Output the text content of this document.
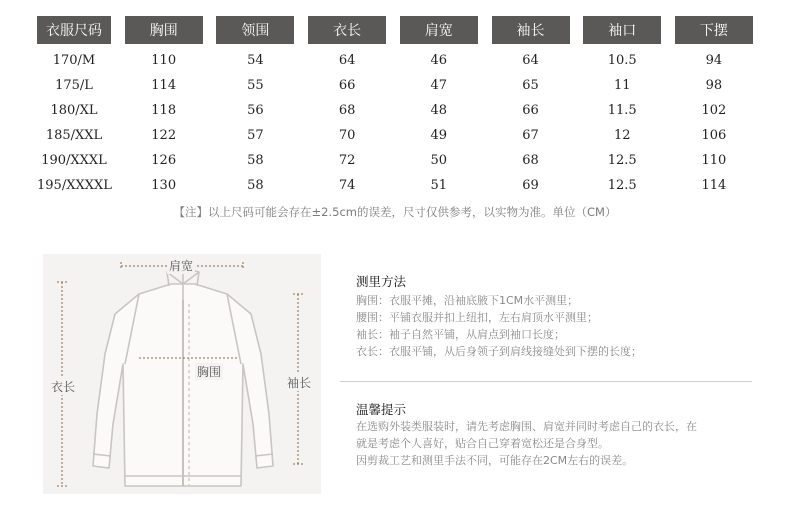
衣服尺码	胸围	领围	衣长	肩宽	袖长	袖口	下摆
170/M	110	54	64	46	64	10.5	94
175/L	114	55	66	47	65	11	98
180/XL	118	56	68	48	66	11.5	102
185/XXL	122	57	70	49	67	12	106
190/XXXL	126	58	72	50	68	12.5	110
195/XXXXL	130	58	74	51	69	12.5	114
【注】以上尺码可能会存在±2.5cm的误差，尺寸仅供参考，以实物为准。单位（CM）
肩宽
胸围
衣长	袖长
测里方法
胸围：衣服平摊，沿袖底腋下1CM水平测里；
腰围：平铺衣服并扣上纽扣，左右肩顶水平测里；
袖长：袖子自然平铺，从肩点到袖口长度；
衣长：衣服平铺，从后身领子到肩线接缝处到下摆的长度；
温馨提示

在选购外装类服装时，请先考虑胸围、肩宽并同时考虑自己的衣长，在

就是考虑个人喜好，贴合自己穿着宽松还是合身型。

因剪裁工艺和测里手法不同，可能存在2CM左右的误差。
